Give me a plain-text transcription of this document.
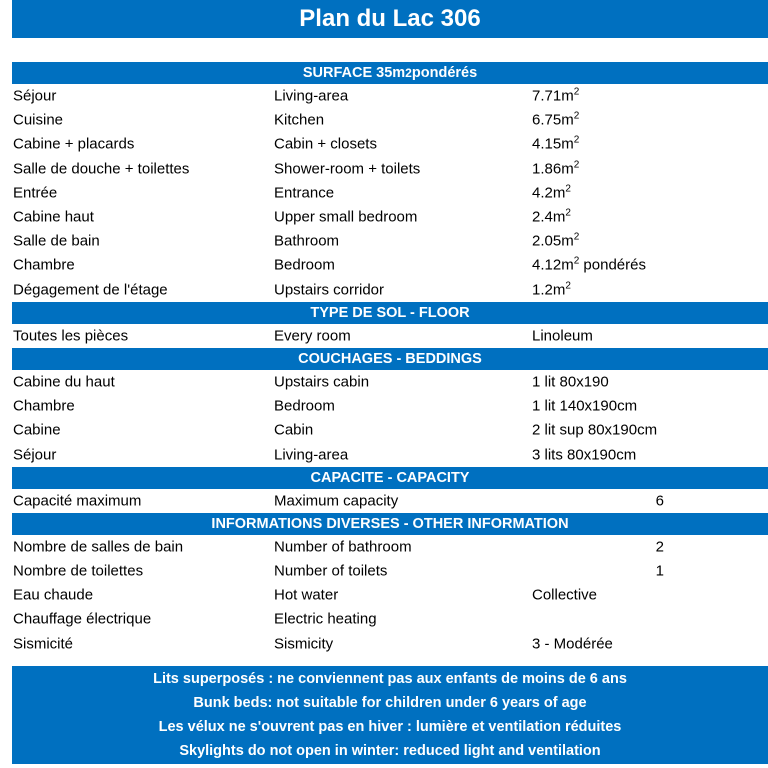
Plan du Lac 306
SURFACE 35m 2 pondérés
Séjour	Living-area	$7.71m^2$
Cuisine	Kitchen	$6.75m^2$
Cabine + placards	Cabin + closets	$4.15m^2$
Salle de douche + toilettes	Shower-room + toilets	$1.86m^2$
Entrée	Entrance	$4.2m^2$
Cabine haut	Upper small bedroom	$2.4m^2$
Salle de bain	Bathroom	$2.05m^2$
Chambre	Bedroom	$4.12m^2$ pondérés
Dégagement de l'étage	Upstairs corridor	$1.2m^2$
TYPE DE SOL - FLOOR
Toutes les pièces	Every room	Linoleum
COUCHAGES - BEDDINGS
Cabine du haut	Upstairs cabin	1 lit 80x190
Chambre	Bedroom	1 lit 140x190cm
Cabine	Cabin	2 lit sup 80x190cm
Séjour	Living-area	3 lits 80x190cm
CAPACITE - CAPACITY
Capacité maximum	Maximum capacity	6
INFORMATIONS DIVERSES - OTHER INFORMATION
Nombre de salles de bain	Number of bathroom	2
Nombre de toilettes	Number of toilets	1
Eau chaude	Hot water	Collective
Chauffage électrique	Electric heating
Sismicité	Sismicity	3 - Modérée
Lits superposés : ne conviennent pas aux enfants de moins de 6 ans
Bunk beds: not suitable for children under 6 years of age
Les vélux ne s'ouvrent pas en hiver : lumière et ventilation réduites
Skylights do not open in winter: reduced light and ventilation
